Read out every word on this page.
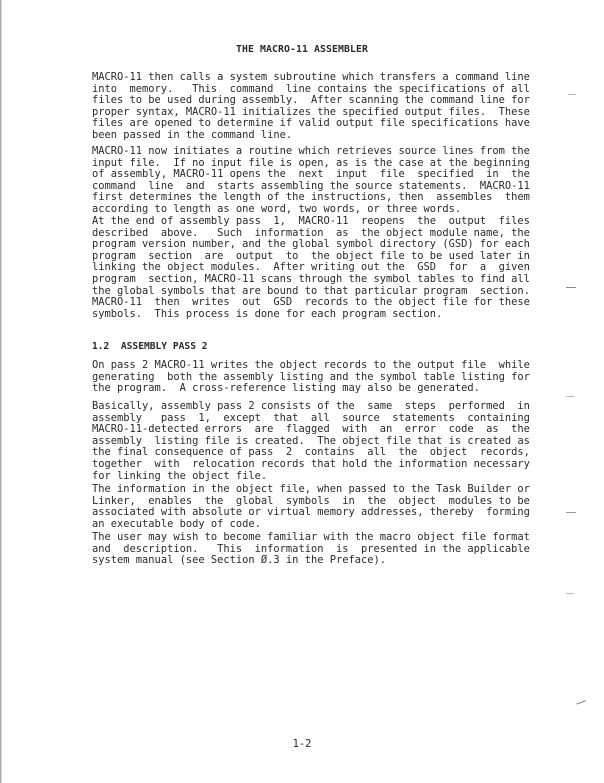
THE MACRO-11 ASSEMBLER
MACRO-11 then calls a system subroutine which transfers a command line
into  memory.   This  command  line contains the specifications of all
files to be used during assembly.  After scanning the command line for
proper syntax, MACRO-11 initializes the specified output files.  These
files are opened to determine if valid output file specifications have
been passed in the command line.
MACRO-11 now initiates a routine which retrieves source lines from the
input file.  If no input file is open, as is the case at the beginning
of assembly, MACRO-11 opens the  next  input  file  specified  in  the
command  line  and  starts assembling the source statements.  MACRO-11
first determines the length of the instructions, then  assembles  them
according to length as one word, two words, or three words.
At the end of assembly pass  1,  MACRO-11  reopens  the  output  files
described  above.   Such  information  as  the object module name, the
program version number, and the global symbol directory (GSD) for each
program  section  are  output  to  the object file to be used later in
linking the object modules.  After writing out the  GSD  for  a  given
program  section, MACRO-11 scans through the symbol tables to find all
the global symbols that are bound to that particular program  section.
MACRO-11  then  writes  out  GSD  records to the object file for these
symbols.  This process is done for each program section.
1.2  ASSEMBLY PASS 2
On pass 2 MACRO-11 writes the object records to the output file  while
generating  both the assembly listing and the symbol table listing for
the program.  A cross-reference listing may also be generated.
Basically, assembly pass 2 consists of the  same  steps  performed  in
assembly   pass  1,  except  that  all  source  statements  containing
MACRO-11-detected errors  are  flagged  with  an  error  code  as  the
assembly  listing file is created.  The object file that is created as
the final consequence of pass  2  contains  all  the  object  records,
together  with  relocation records that hold the information necessary
for linking the object file.
The information in the object file, when passed to the Task Builder or
Linker,  enables  the  global  symbols  in  the  object  modules to be
associated with absolute or virtual memory addresses, thereby  forming
an executable body of code.
The user may wish to become familiar with the macro object file format
and  description.   This  information  is  presented in the applicable
system manual (see Section Ø.3 in the Preface).
1-2
